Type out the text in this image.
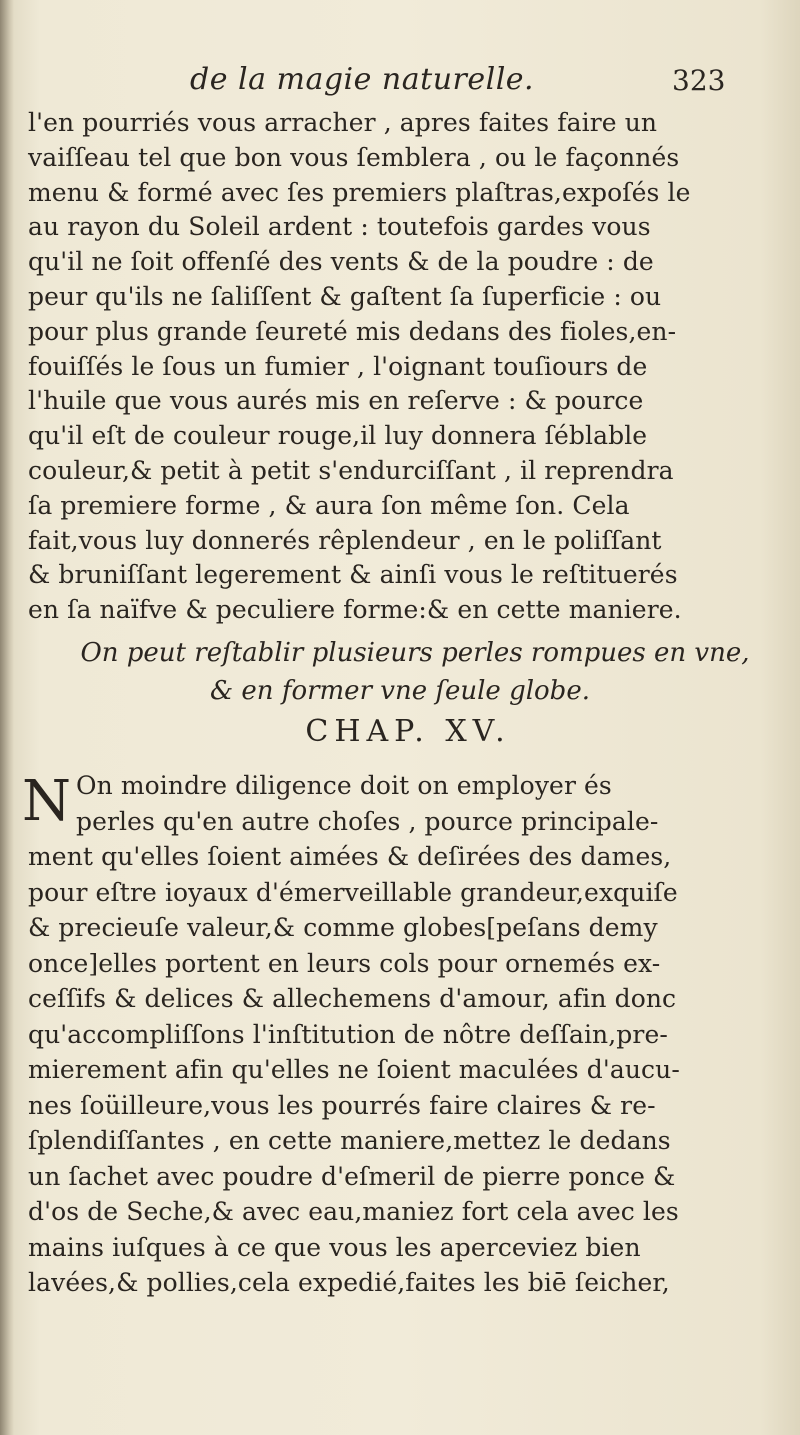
de la magie naturelle.	323
l'en pourriés vous arracher , apres faites faire un
vaiſſeau tel que bon vous ſemblera , ou le façonnés
menu & formé avec ſes premiers plaſtras,expoſés le
au rayon du Soleil ardent : toutefois gardes vous
qu'il ne ſoit offenſé des vents & de la poudre : de
peur qu'ils ne ſaliſſent & gaſtent ſa ſuperficie : ou
pour plus grande ſeureté mis dedans des fioles,en-
fouiſſés le ſous un fumier , l'oignant touſiours de
l'huile que vous aurés mis en reſerve : & pource
qu'il eſt de couleur rouge,il luy donnera ſéblable
couleur,& petit à petit s'endurciſſant , il reprendra
ſa premiere forme , & aura ſon même ſon. Cela
fait,vous luy donnerés rêplendeur , en le poliſſant
& bruniſſant legerement & ainſi vous le reſtituerés
en ſa naïfve & peculiere forme:& en cette maniere.
On peut reſtablir plusieurs perles rompues en vne,
& en former vne ſeule globe.
CHAP. XV.
N On moindre diligence doit on employer és
perles qu'en autre choſes , pource principale-
ment qu'elles ſoient aimées & deſirées des dames,
pour eſtre ioyaux d'émerveillable grandeur,exquiſe
& precieuſe valeur,& comme globes[peſans demy
once]elles portent en leurs cols pour ornemés ex-
ceſſifs & delices & allechemens d'amour, afin donc
qu'accompliſſons l'inſtitution de nôtre deſſain,pre-
mierement afin qu'elles ne ſoient maculées d'aucu-
nes ſoüilleure,vous les pourrés faire claires & re-
ſplendiſſantes , en cette maniere,mettez le dedans
un ſachet avec poudre d'eſmeril de pierre ponce &
d'os de Seche,& avec eau,maniez fort cela avec les
mains iuſques à ce que vous les aperceviez bien
lavées,& pollies,cela expedié,faites les biē ſeicher,
